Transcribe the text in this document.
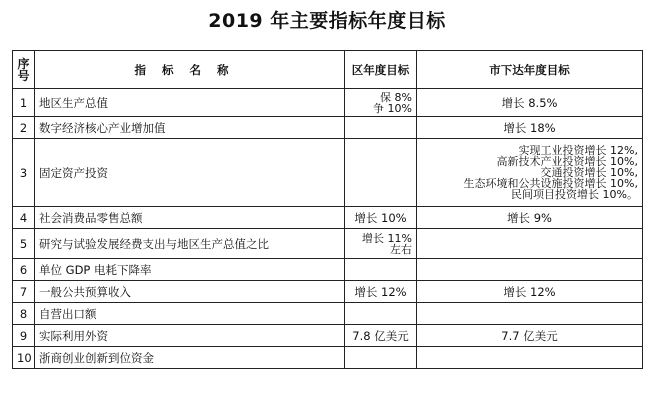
2019 年主要指标年度目标
序
号	指标名称	区年度目标	市下达年度目标
1	地区生产总值	保 8%
争 10%	增长 8.5%

2	数字经济核心产业增加值		增长 18%

3	固定资产投资		实现工业投资增长 12%,
高新技术产业投资增长 10%,
交通投资增长 10%,
生态环境和公共设施投资增长 10%,
民间项目投资增长 10%。

4	社会消费品零售总额	增长 10%	增长 9%

5	研究与试验发展经费支出与地区生产总值之比	增长 11%
左右	

6	单位 GDP 电耗下降率		
7	一般公共预算收入	增长 12%	增长 12%

8	自营出口额		
9	实际利用外资	7.8 亿美元	7.7 亿美元

10	浙商创业创新到位资金		
